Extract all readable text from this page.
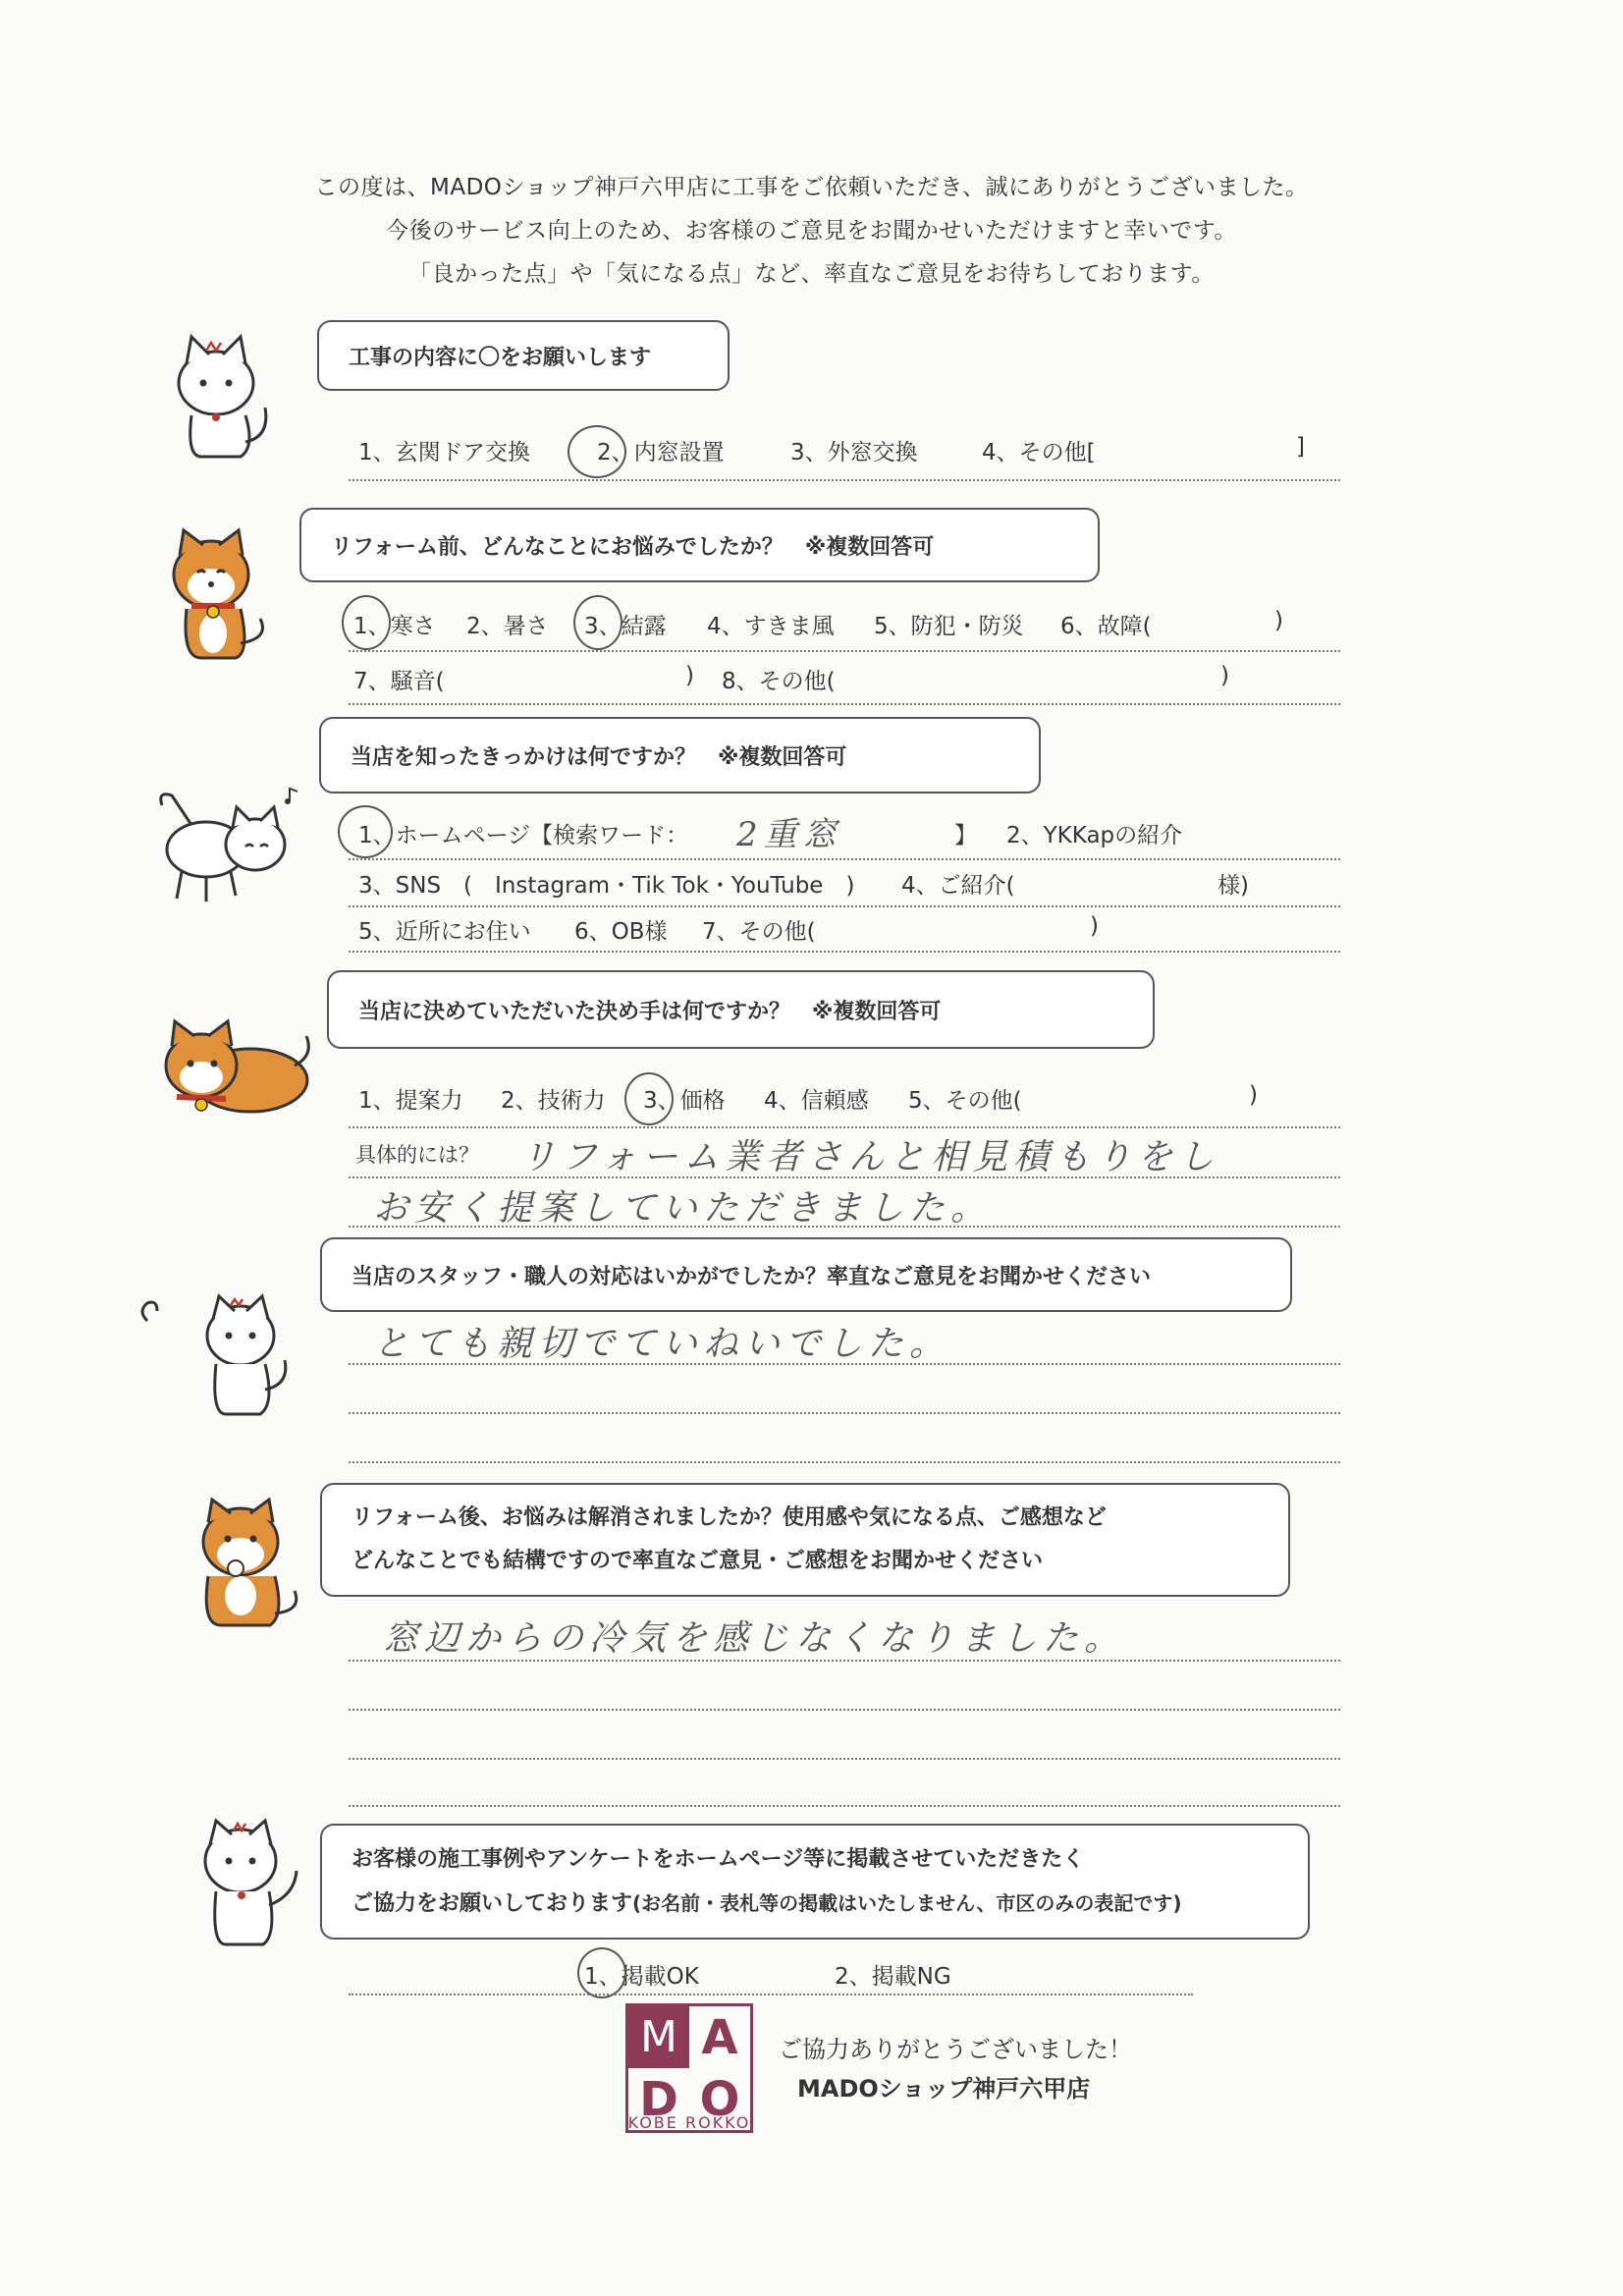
この度は、MADOショップ神戸六甲店に工事をご依頼いただき、誠にありがとうございました。
今後のサービス向上のため、お客様のご意見をお聞かせいただけますと幸いです。
「良かった点」や「気になる点」など、率直なご意見をお待ちしております。
工事の内容に〇をお願いします
1、玄関ドア交換	2、内窓設置	3、外窓交換	4、その他[	]
リフォーム前、どんなことにお悩みでしたか？　※複数回答可
1、寒さ 2、暑さ 3、結露 4、すきま風 5、防犯・防災 6、故障(	)
7、騒音(	) 8、その他(	)
当店を知ったきっかけは何ですか？　※複数回答可
1、ホームページ【検索ワード： 2重窓	】 2、YKKapの紹介
3、SNS　(　Instagram・Tik Tok・YouTube　) 4、ご紹介(	様)
5、近所にお住い 6、OB様 7、その他(	)
当店に決めていただいた決め手は何ですか？　※複数回答可
1、提案力 2、技術力 3、価格 4、信頼感 5、その他(	)
具体的には？ リフォーム業者さんと相見積もりをし
お安く提案していただきました。
当店のスタッフ・職人の対応はいかがでしたか？率直なご意見をお聞かせください
とても親切でていねいでした。
リフォーム後、お悩みは解消されましたか？使用感や気になる点、ご感想など
どんなことでも結構ですので率直なご意見・ご感想をお聞かせください
窓辺からの冷気を感じなくなりました。
お客様の施工事例やアンケートをホームページ等に掲載させていただきたく
ご協力をお願いしております(お名前・表札等の掲載はいたしません、市区のみの表記です)
1、掲載OK	2、掲載NG
M A
D O
KOBE ROKKO
ご協力ありがとうございました！
MADOショップ神戸六甲店
